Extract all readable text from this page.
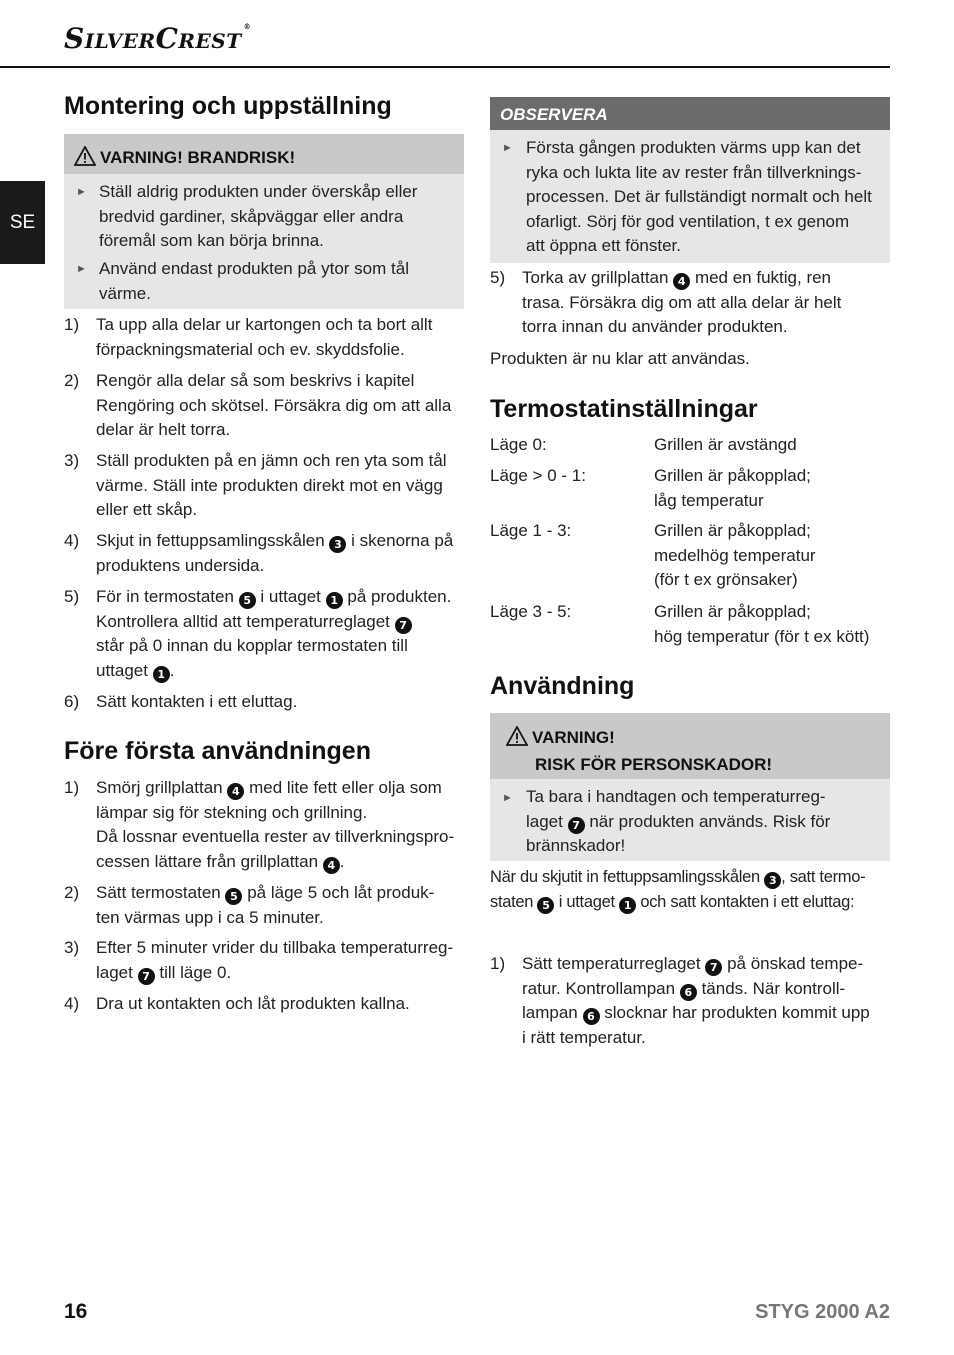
SilverCrest ®
SE
Montering och uppställning
VARNING! BRANDRISK!
► Ställ aldrig produkten under överskåp eller
bredvid gardiner, skåpväggar eller andra
föremål som kan börja brinna.
► Använd endast produkten på ytor som tål
värme.
1) Ta upp alla delar ur kartongen och ta bort allt
förpackningsmaterial och ev. skyddsfolie.
2) Rengör alla delar så som beskrivs i kapitel
Rengöring och skötsel. Försäkra dig om att alla
delar är helt torra.
3) Ställ produkten på en jämn och ren yta som tål
värme. Ställ inte produkten direkt mot en vägg
eller ett skåp.
4) Skjut in fettuppsamlingsskålen 3 i skenorna på
produktens undersida.
5) För in termostaten 5 i uttaget 1 på produkten.
Kontrollera alltid att temperaturreglaget 7
står på 0 innan du kopplar termostaten till
uttaget 1 .
6) Sätt kontakten i ett eluttag.
Före första användningen
1) Smörj grillplattan 4 med lite fett eller olja som
lämpar sig för stekning och grillning.
Då lossnar eventuella rester av tillverkningspro-
cessen lättare från grillplattan 4 .
2) Sätt termostaten 5 på läge 5 och låt produk-
ten värmas upp i ca 5 minuter.
3) Efter 5 minuter vrider du tillbaka temperaturreg-
laget 7 till läge 0.
4) Dra ut kontakten och låt produkten kallna.
OBSERVERA
► Första gången produkten värms upp kan det
ryka och lukta lite av rester från tillverknings-
processen. Det är fullständigt normalt och helt
ofarligt. Sörj för god ventilation, t ex genom
att öppna ett fönster.
5) Torka av grillplattan 4 med en fuktig, ren
trasa. Försäkra dig om att alla delar är helt
torra innan du använder produkten.
Produkten är nu klar att användas.
Termostatinställningar
Läge 0:	Grillen är avstängd
Läge > 0 - 1:	Grillen är påkopplad;
låg temperatur
Läge 1 - 3:	Grillen är påkopplad;
medelhög temperatur
(för t ex grönsaker)
Läge 3 - 5:	Grillen är påkopplad;
hög temperatur (för t ex kött)
Användning
VARNING!
RISK FÖR PERSONSKADOR!
► Ta bara i handtagen och temperaturreg-
laget 7 när produkten används. Risk för
brännskador!
När du skjutit in fettuppsamlingsskålen 3 , satt termo-
staten 5 i uttaget 1 och satt kontakten i ett eluttag:
1) Sätt temperaturreglaget 7 på önskad tempe-
ratur. Kontrollampan 6 tänds. När kontroll-
lampan 6 slocknar har produkten kommit upp
i rätt temperatur.
16	STYG 2000 A2
